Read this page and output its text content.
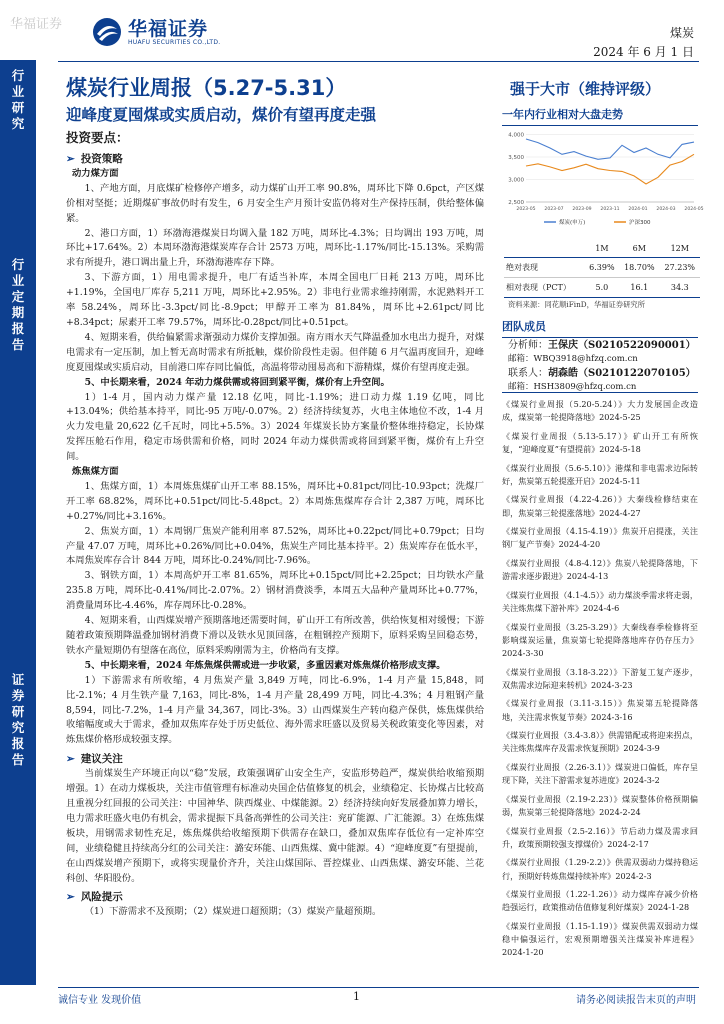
华福证券	华福证券
HUAFU SECURITIES CO.,LTD.
煤炭
2024 年 6 月 1 日
行业研究
行业定期报告
证券研究报告
煤炭行业周报（5.27-5.31）
迎峰度夏囤煤或实质启动，煤价有望再度走强
投资要点：
➢ 投资策略
动力煤方面

1、产地方面，月底煤矿检修停产增多，动力煤矿山开工率 90.8%，周环比下降 0.6pct，产区煤价相对坚挺；近期煤矿事故仍时有发生，6 月安全生产月预计安监仍将对生产保持压制，供给整体偏紧。

2、港口方面，1）环渤海港煤炭日均调入量 182 万吨，周环比-4.3%；日均调出 193 万吨，周环比+17.64%。2）本周环渤海港煤炭库存合计 2573 万吨，周环比-1.17%/同比-15.13%。采购需求有所提升，港口调出量上升，环渤海港库存下降。

3、下游方面，1）用电需求提升，电厂有适当补库，本周全国电厂日耗 213 万吨，周环比+1.19%，全国电厂库存 5,211 万吨，周环比+2.95%。2）非电行业需求维持刚需，水泥熟料开工率 58.24%，周环比-3.3pct/同比-8.9pct；甲醇开工率为 81.84%，周环比+2.61pct/同比+8.34pct；尿素开工率 79.57%，周环比-0.28pct/同比+0.51pct。

4、短期来看，供给偏紧需求渐强动力煤价支撑加强。南方雨水天气降温叠加水电出力提升，对煤电需求有一定压制，加上暂无高时需求有所抵触，煤价阶段性走弱。但伴随 6 月气温再度回升，迎峰度夏囤煤或实质启动，目前港口库存同比偏低，高温将带动囤易高和下游精煤，煤价有望再度走强。

5、中长期来看，2024 年动力煤供需或将回到紧平衡，煤价有上升空间。

1）1-4 月，国内动力煤产量 12.18 亿吨，同比-1.19%；进口动力煤 1.19 亿吨，同比+13.04%；供给基本持平，同比-95 万吨/-0.07%。2）经济持续复苏，火电主体地位不改，1-4 月火力发电量 20,622 亿千瓦时，同比+5.5%。3）2024 年煤炭长协方案量价整体维持稳定，长协煤发挥压舱石作用，稳定市场供需和价格，同时 2024 年动力煤供需或将回到紧平衡，煤价有上升空间。

炼焦煤方面

1、焦煤方面，1）本周炼焦煤矿山开工率 88.15%，周环比+0.81pct/同比-10.93pct；洗煤厂开工率 68.82%，周环比+0.51pct/同比-5.48pct。2）本周炼焦煤库存合计 2,387 万吨，周环比+0.27%/同比+3.16%。

2、焦炭方面，1）本周钢厂焦炭产能利用率 87.52%，周环比+0.22pct/同比+0.79pct；日均产量 47.07 万吨，周环比+0.26%/同比+0.04%，焦炭生产同比基本持平。2）焦炭库存在低水平，本周焦炭库存合计 844 万吨，周环比-0.24%/同比-7.96%。

3、钢铁方面，1）本周高炉开工率 81.65%，周环比+0.15pct/同比+2.25pct；日均铁水产量 235.8 万吨，周环比-0.41%/同比-2.07%。2）钢材消费淡季，本周五大品种产量周环比+0.77%，消费量周环比-4.46%，库存周环比-0.28%。

4、短期来看，山西煤炭增产预期落地还需要时间，矿山开工有所改善，供给恢复相对缓慢；下游随着政策预期降温叠加钢材消费下滑以及铁水见顶回落，在粗钢控产预期下，原料采购呈回稳态势，铁水产量短期仍有望落在高位，原料采购刚需为主，价格尚有支撑。

5、中长期来看，2024 年炼焦煤供需或进一步收紧，多重因素对炼焦煤价格形成支撑。

1）下游需求有所收缩，4 月焦炭产量 3,849 万吨，同比-6.9%，1-4 月产量 15,848，同比-2.1%；4 月生铁产量 7,163，同比-8%，1-4 月产量 28,499 万吨，同比-4.3%；4 月粗钢产量 8,594，同比-7.2%，1-4 月产量 34,367，同比-3%。3）山西煤炭生产转向稳产保供，炼焦煤供给收缩幅度或大于需求，叠加双焦库存处于历史低位、海外需求旺盛以及贸易关税政策变化等因素，对炼焦煤价格形成较强支撑。

➢ 建议关注

当前煤炭生产环境正向以“稳”发展，政策强调矿山安全生产，安监形势趋严，煤炭供给收缩预期增强。1）在动力煤板块，关注市值管理有标准动央国企估值修复的机会，业绩稳定、长协煤占比较高且重视分红回报的公司关注：中国神华、陕西煤业、中煤能源。2）经济持续向好发展叠加算力增长，电力需求旺盛火电仍有机会，需求提振下具备高弹性的公司关注：兖矿能源、广汇能源。3）在炼焦煤板块，用钢需求韧性充足，炼焦煤供给收缩预期下供需存在缺口，叠加双焦库存低位有一定补库空间，业绩稳健且持续高分红的公司关注：潞安环能、山西焦煤、冀中能源。4）“迎峰度夏”有望提前，在山西煤炭增产预期下，或将实现量价齐升，关注山煤国际、晋控煤业、山西焦煤、潞安环能、兰花科创、华阳股份。

➢ 风险提示

（1）下游需求不及预期；（2）煤炭进口超预期；（3）煤炭产量超预期。

强于大市（维持评级）
一年内行业相对大盘走势
2,500
3,000
3,500
4,000
2023-05 2023-07 2023-09 2023-11 2024-01 2024-03 2024-05
煤炭(申万)	沪深300
	1M	6M	12M
绝对表现	6.39%	18.70%	27.23%
相对表现（PCT）	5.0	16.1	34.3
资料来源：同花顺iFinD，华福证券研究所
团队成员
分析师：王保庆（S0210522090001）
邮箱：WBQ3918@hfzq.com.cn
联系人：胡森皓（S0210122070105）
邮箱：HSH3809@hfzq.com.cn
《煤炭行业周报（5.20-5.24）》大力发展国企改造成，煤炭第一轮提降落地》2024-5-25
《煤炭行业周报（5.13-5.17）》矿山开工有所恢复，“迎峰度夏”有望提前》2024-5-18
《煤炭行业周报（5.6-5.10）》港煤和非电需求边际转好，焦炭第五轮提涨开启》2024-5-11
《煤炭行业周报（4.22-4.26）》大秦线检修结束在即，焦炭第三轮提涨落地》2024-4-27
《煤炭行业周报（4.15-4.19）》焦炭开启提涨，关注钢厂复产节奏》2024-4-20
《煤炭行业周报（4.8-4.12）》焦炭八轮提降落地，下游需求逐步跟进》2024-4-13
《煤炭行业周报（4.1-4.5）》动力煤淡季需求将走弱，关注炼焦煤下游补库》2024-4-6
《煤炭行业周报（3.25-3.29）》大秦线春季检修将至影响煤炭运量，焦炭第七轮提降落地库存仍存压力》2024-3-30
《煤炭行业周报（3.18-3.22）》下游复工复产逐步，双焦需求边际迎来转机》2024-3-23
《煤炭行业周报（3.11-3.15）》焦炭第五轮提降落地，关注需求恢复节奏》2024-3-16
《煤炭行业周报（3.4-3.8）》供需错配或将迎来拐点，关注炼焦煤库存及需求恢复预期》2024-3-9
《煤炭行业周报（2.26-3.1）》煤炭进口偏低，库存呈现下降，关注下游需求复苏进度》2024-3-2
《煤炭行业周报（2.19-2.23）》煤炭整体价格预期偏弱，焦炭第三轮提降落地》2024-2-24
《煤炭行业周报（2.5-2.16）》节后动力煤及需求回升，政策预期较强支撑煤价》2024-2-17
《煤炭行业周报（1.29-2.2）》供需双弱动力煤持稳运行，预期好转炼焦煤持续补库》2024-2-3
《煤炭行业周报（1.22-1.26）》动力煤库存减少价格趋强运行，政策推动估值修复利好煤炭》2024-1-28
《煤炭行业周报（1.15-1.19）》煤炭供需双弱动力煤稳中偏强运行，宏观预期增强关注煤炭补库进程》2024-1-20
诚信专业 发现价值	1	请务必阅读报告末页的声明
